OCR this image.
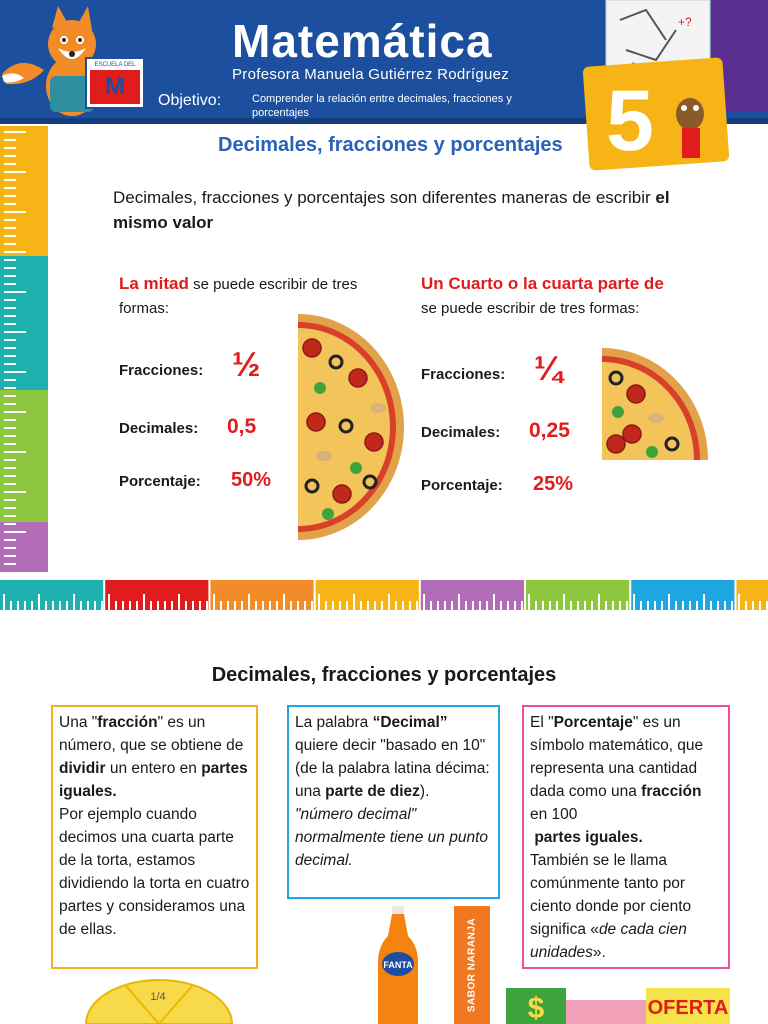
M
ESCUELA DEL Matemática
Profesora Manuela Gutiérrez Rodríguez
Objetivo:	Comprender la relación entre decimales, fracciones y porcentajes
+?
5
Decimales, fracciones y porcentajes

Decimales, fracciones y porcentajes son diferentes maneras de escribir el mismo valor

La mitad se puede escribir de tres formas:
Fracciones: ½
Decimales: 0,5
Porcentaje: 50%
Un Cuarto o la cuarta parte de se puede escribir de tres formas:
Fracciones: ¼
Decimales: 0,25
Porcentaje: 25%
Decimales, fracciones y porcentajes
Una "fracción" es un número, que se obtiene de dividir un entero en partes iguales.
Por ejemplo cuando decimos una cuarta parte de la torta, estamos dividiendo la torta en cuatro partes y consideramos una de ellas.
La palabra “Decimal” quiere decir "basado en 10" (de la palabra latina décima: una parte de diez).
"número decimal" normalmente tiene un punto decimal.
El "Porcentaje" es un símbolo matemático, que representa una cantidad dada como una fracción en 100
partes iguales.
También se le llama comúnmente tanto por ciento donde por ciento significa «de cada cien unidades».
FANTA	SABOR NARANJA
1/4	$	OFERTA
